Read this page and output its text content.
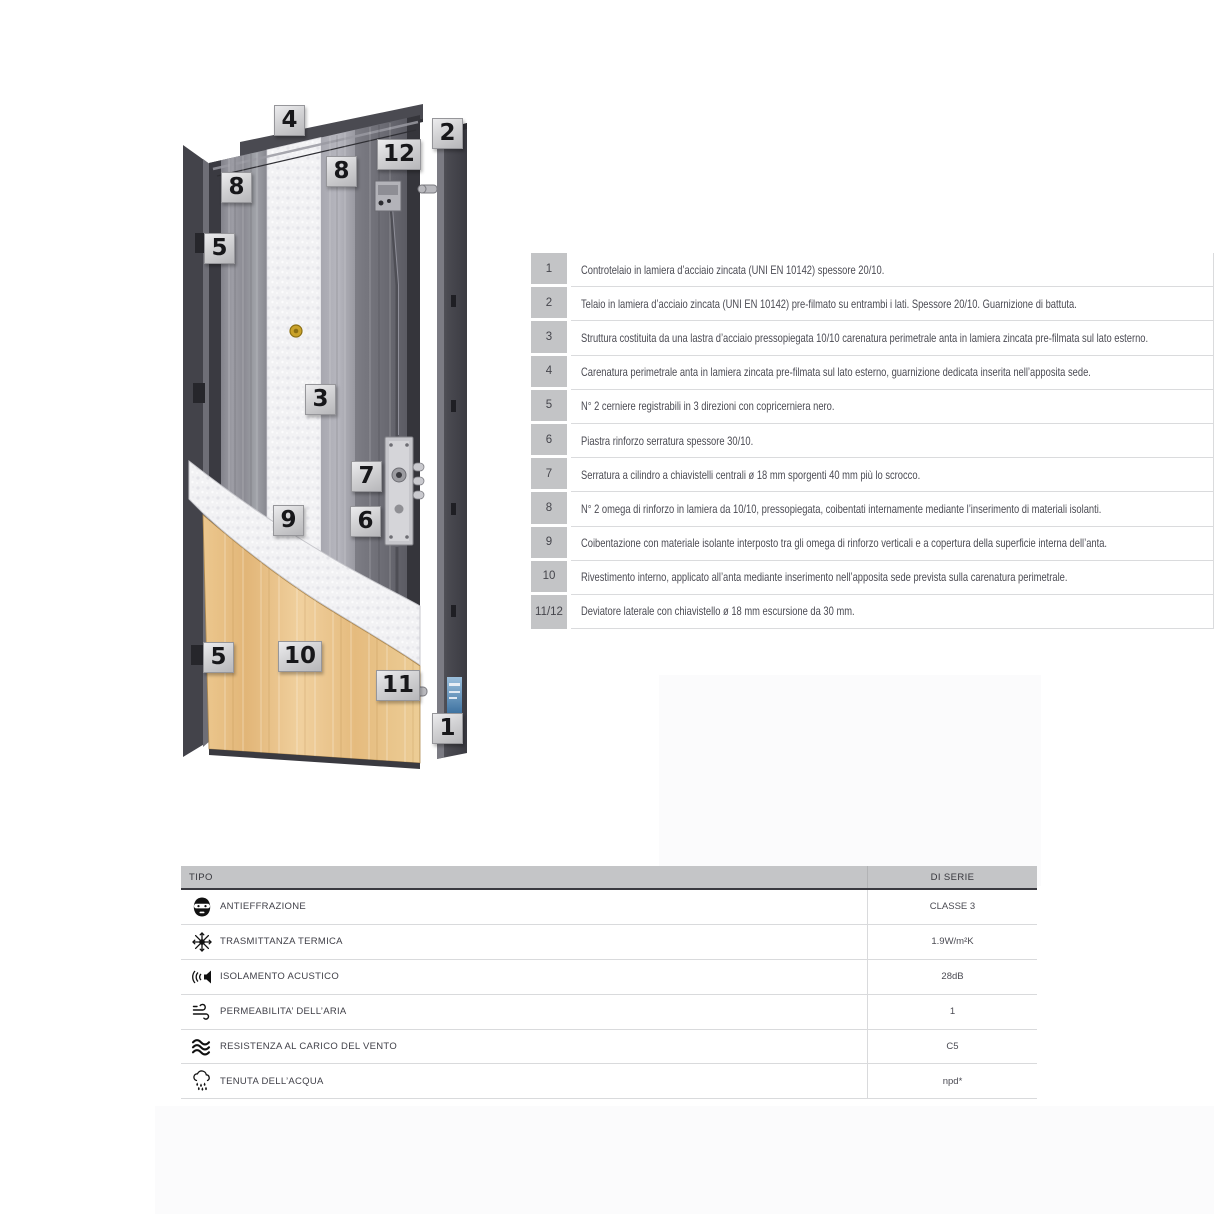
4	2
12
8
8
5
3
7
9	6
5	10
11
1
1	Controtelaio in lamiera d’acciaio zincata (UNI EN 10142) spessore 20/10.
2	Telaio in lamiera d’acciaio zincata (UNI EN 10142) pre-filmato su entrambi i lati. Spessore 20/10. Guarnizione di battuta.
3	Struttura costituita da una lastra d’acciaio pressopiegata 10/10 carenatura perimetrale anta in lamiera zincata pre-filmata sul lato esterno.
4	Carenatura perimetrale anta in lamiera zincata pre-filmata sul lato esterno, guarnizione dedicata inserita nell’apposita sede.
5	N° 2 cerniere registrabili in 3 direzioni con copricerniera nero.
6	Piastra rinforzo serratura spessore 30/10.
7	Serratura a cilindro a chiavistelli centrali ø 18 mm sporgenti 40 mm più lo scrocco.
8	N° 2 omega di rinforzo in lamiera da 10/10, pressopiegata, coibentati internamente mediante l’inserimento di materiali isolanti.
9	Coibentazione con materiale isolante interposto tra gli omega di rinforzo verticali e a copertura della superficie interna dell’anta.
10	Rivestimento interno, applicato all’anta mediante inserimento nell’apposita sede prevista sulla carenatura perimetrale.
11/12	Deviatore laterale con chiavistello ø 18 mm escursione da 30 mm.
TIPO	DI SERIE
ANTIEFFRAZIONE	CLASSE 3
TRASMITTANZA TERMICA	1.9W/m²K
ISOLAMENTO ACUSTICO	28dB
PERMEABILITA’ DELL’ARIA	1
RESISTENZA AL CARICO DEL VENTO	C5
TENUTA DELL’ACQUA	npd*
